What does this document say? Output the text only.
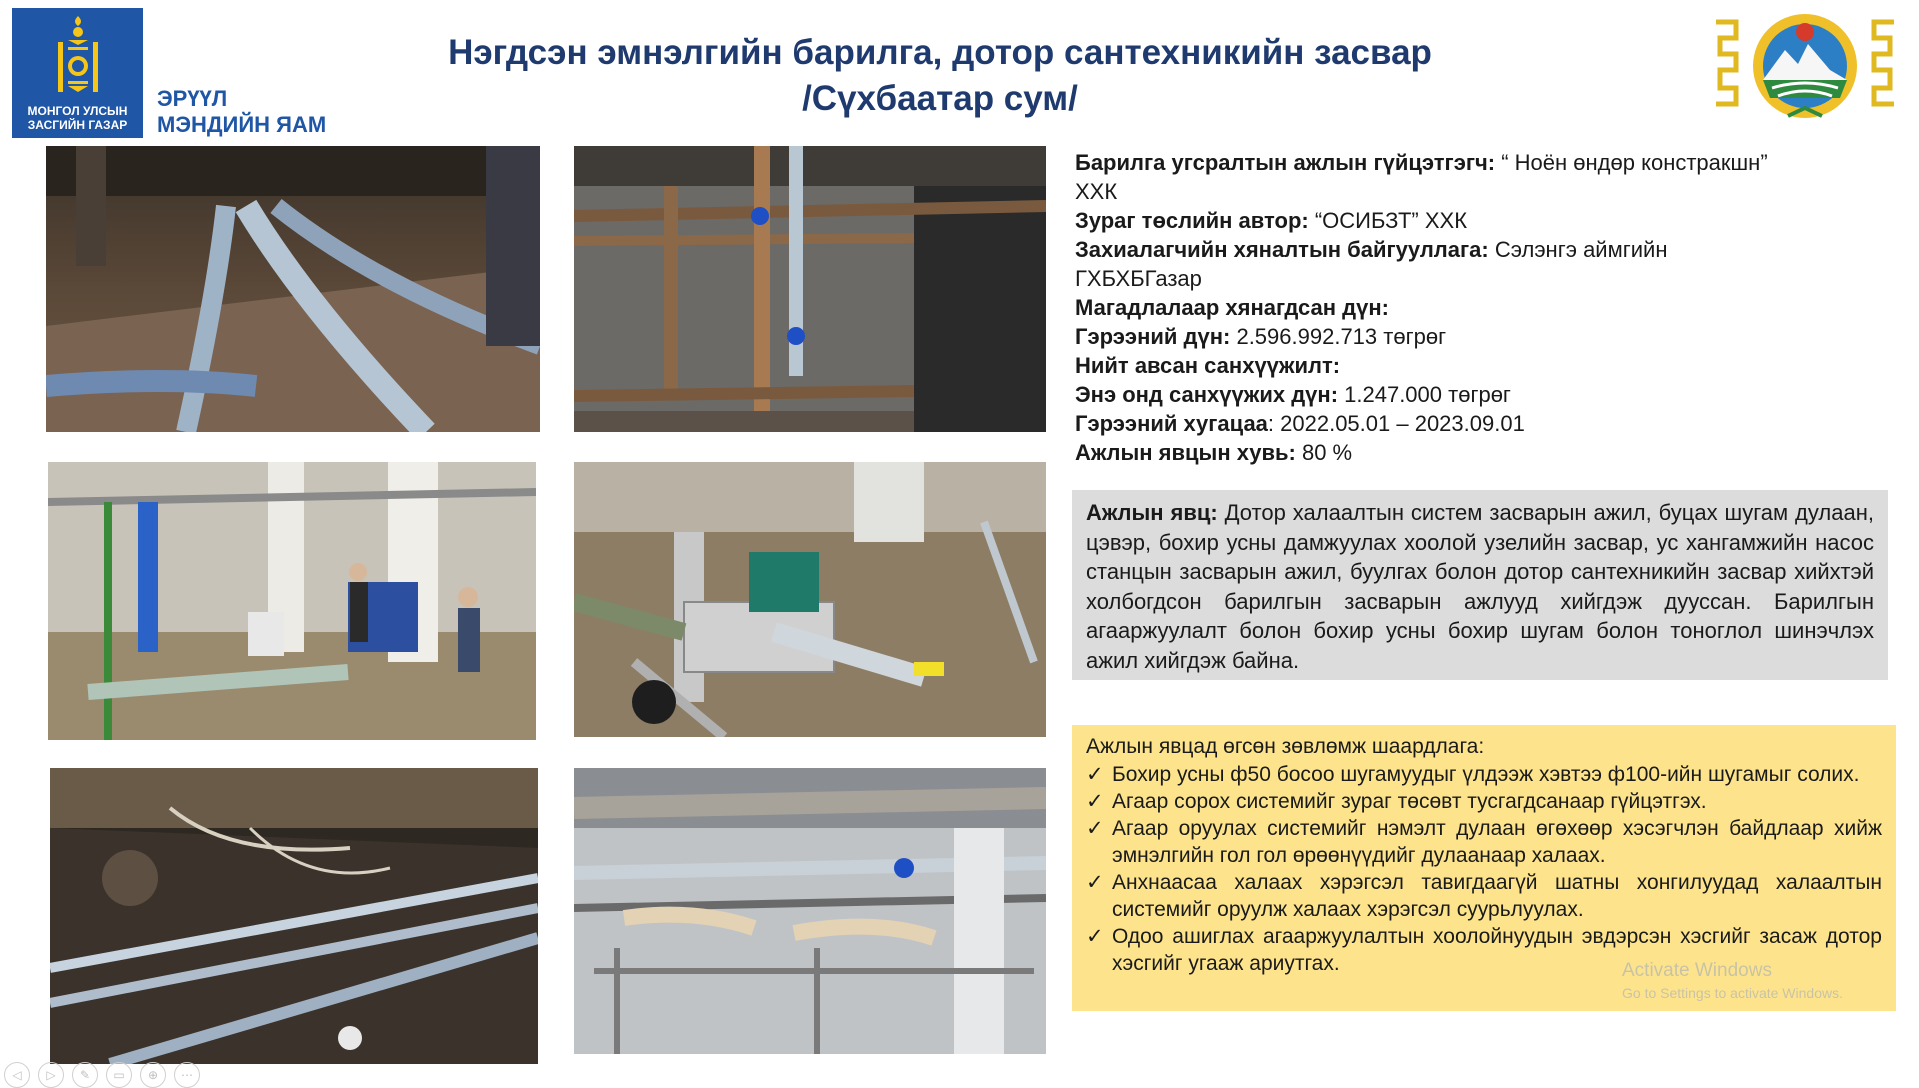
МОНГОЛ УЛСЫН
ЗАСГИЙН ГАЗАР
ЭРҮҮЛ
МЭНДИЙН ЯАМ
Нэгдсэн эмнэлгийн барилга, дотор сантехникийн засвар
/Сүхбаатар сум/
Барилга угсралтын ажлын гүйцэтгэгч: “ Ноён өндөр констракшн”
ХХК
Зураг төслийн автор: “ОСИБЗТ” ХХК
Захиалагчийн хяналтын байгууллага: Сэлэнгэ аймгийн
ГХБХБГазар
Магадлалаар хянагдсан дүн:
Гэрээний дүн: 2.596.992.713 төгрөг
Нийт авсан санхүүжилт:
Энэ онд санхүүжих дүн: 1.247.000 төгрөг
Гэрээний хугацаа: 2022.05.01 – 2023.09.01
Ажлын явцын хувь: 80 %
Ажлын явц: Дотор халаалтын систем засварын ажил, буцах шугам дулаан, цэвэр, бохир усны дамжуулах хоолой узелийн засвар, ус хангамжийн насос станцын засварын ажил, буулгах болон дотор сантехникийн засвар хийхтэй холбогдсон барилгын засварын ажлууд хийгдэж дууссан. Барилгын агааржуулалт болон бохир усны бохир шугам болон тоноглол шинэчлэх ажил хийгдэж байна.
Ажлын явцад өгсөн зөвлөмж шаардлага:
✓ Бохир усны ф50 босоо шугамуудыг үлдээж хэвтээ ф100-ийн шугамыг солих.
✓ Агаар сорох системийг зураг төсөвт тусгагдсанаар гүйцэтгэх.
✓ Агаар оруулах системийг нэмэлт дулаан өгөхөөр хэсэгчлэн байдлаар хийж эмнэлгийн гол гол өрөөнүүдийг дулаанаар халаах.
✓ Анхнаасаа халаах хэрэгсэл тавигдаагүй шатны хонгилуудад халаалтын системийг оруулж халаах хэрэгсэл суурьлуулах.
✓ Одоо ашиглах агааржуулалтын хоолойнуудын эвдэрсэн хэсгийг засаж дотор хэсгийг угааж ариутгах.	Activate Windows
Go to Settings to activate Windows.
◁	▷	✎	▭	⊕	⋯
